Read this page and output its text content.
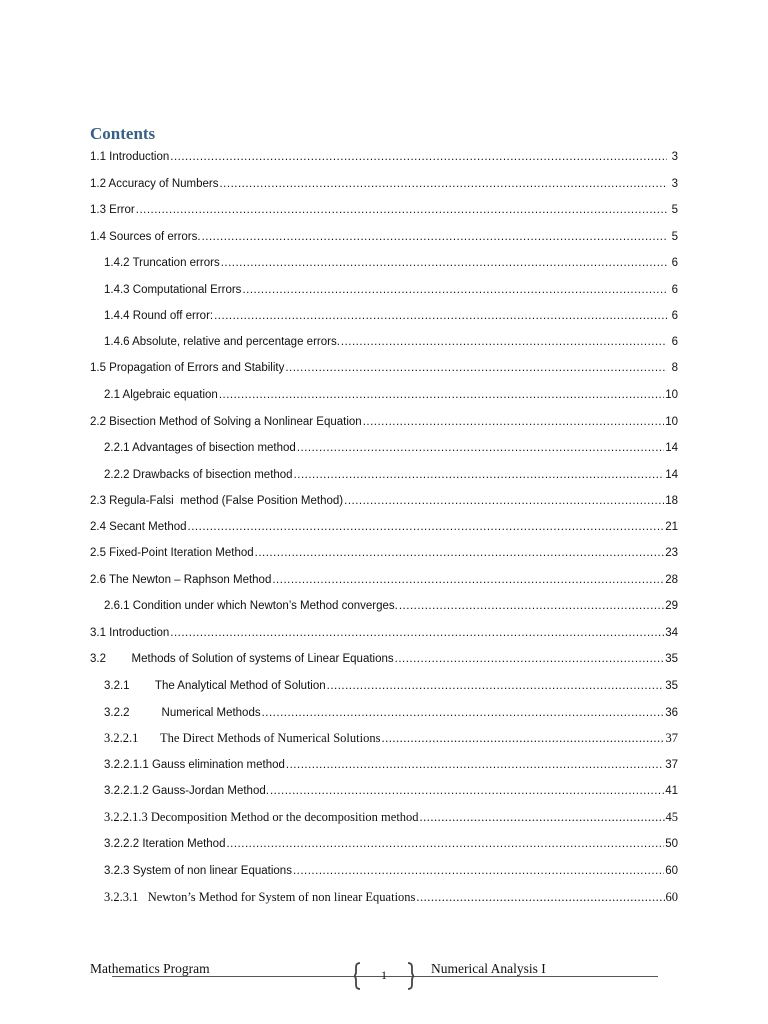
Contents
1.1 Introduction .....	3
1.2 Accuracy of Numbers .....	3
1.3 Error .....	5
1.4 Sources of errors. .....	5
1.4.2 Truncation errors .....	6
1.4.3 Computational Errors .....	6
1.4.4 Round off error: .....	6
1.4.6 Absolute, relative and percentage errors. .....	6
1.5 Propagation of Errors and Stability .....	8
2.1 Algebraic equation .....	10
2.2 Bisection Method of Solving a Nonlinear Equation .....	10
2.2.1 Advantages of bisection method .....	14
2.2.2 Drawbacks of bisection method .....	14
2.3 Regula-Falsi  method (False Position Method) .....	18
2.4 Secant Method .....	21
2.5 Fixed-Point Iteration Method .....	23
2.6 The Newton – Raphson Method .....	28
2.6.1 Condition under which Newton’s Method converges. .....	29
3.1 Introduction .....	34
3.2        Methods of Solution of systems of Linear Equations .....	35
3.2.1        The Analytical Method of Solution .....	35
3.2.2          Numerical Methods .....	36
3.2.2.1       The Direct Methods of Numerical Solutions .....	37
3.2.2.1.1 Gauss elimination method .....	37
3.2.2.1.2 Gauss-Jordan Method. .....	41
3.2.2.1.3 Decomposition Method or the decomposition method .....	45
3.2.2.2 Iteration Method .....	50
3.2.3 System of non linear Equations .....	60
3.2.3.1   Newton’s Method for System of non linear Equations .....	60
Mathematics Program	1	Numerical Analysis I
